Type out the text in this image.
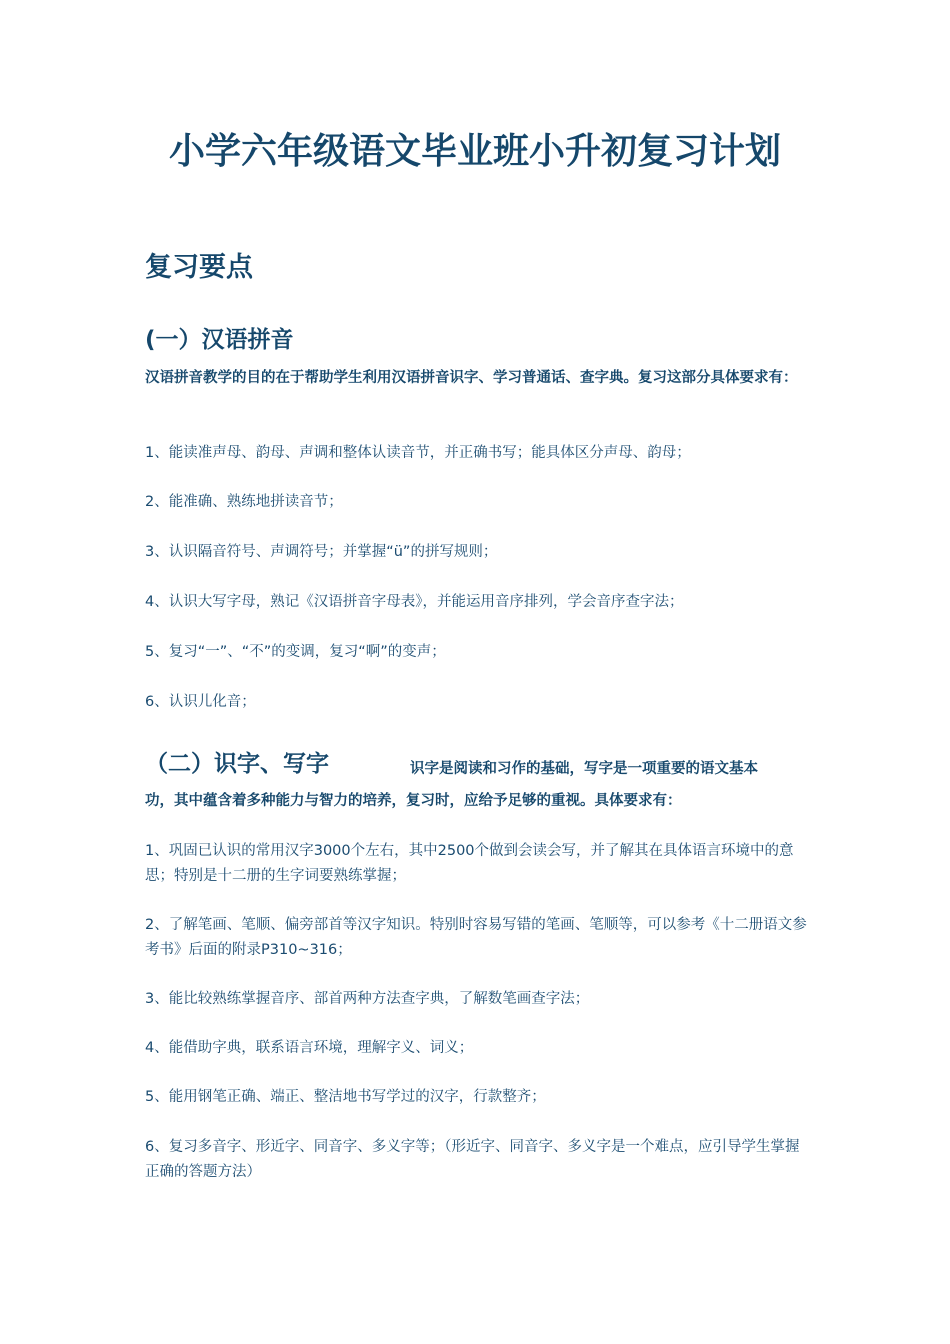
小学六年级语文毕业班小升初复习计划
复习要点
(一）汉语拼音

汉语拼音教学的目的在于帮助学生利用汉语拼音识字、学习普通话、查字典。复习这部分具体要求有：

1、能读准声母、韵母、声调和整体认读音节，并正确书写；能具体区分声母、韵母；

2、能准确、熟练地拼读音节；

3、认识隔音符号、声调符号；并掌握“ü”的拼写规则；

4、认识大写字母，熟记《汉语拼音字母表》，并能运用音序排列，学会音序查字法；

5、复习“一”、“不”的变调，复习“啊”的变声；

6、认识儿化音；

（二）识字、写字	识字是阅读和习作的基础，写字是一项重要的语文基本

功，其中蕴含着多种能力与智力的培养，复习时，应给予足够的重视。具体要求有：

1、巩固已认识的常用汉字3000个左右，其中2500个做到会读会写，并了解其在具体语言环境中的意思；特别是十二册的生字词要熟练掌握；

2、了解笔画、笔顺、偏旁部首等汉字知识。特别时容易写错的笔画、笔顺等，可以参考《十二册语文参考书》后面的附录P310~316；

3、能比较熟练掌握音序、部首两种方法查字典，了解数笔画查字法；

4、能借助字典，联系语言环境，理解字义、词义；

5、能用钢笔正确、端正、整洁地书写学过的汉字，行款整齐；

6、复习多音字、形近字、同音字、多义字等；（形近字、同音字、多义字是一个难点，应引导学生掌握正确的答题方法）
